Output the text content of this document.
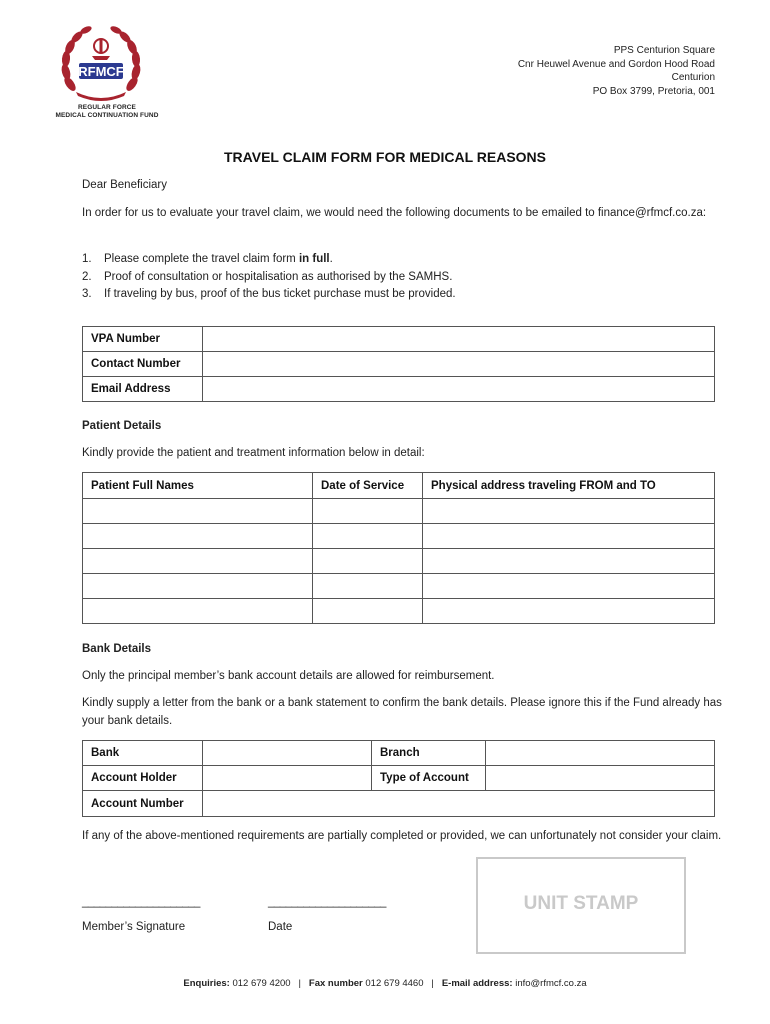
RFMCF
REGULAR FORCE
MEDICAL CONTINUATION FUND
PPS Centurion Square
Cnr Heuwel Avenue and Gordon Hood Road
Centurion
PO Box 3799, Pretoria, 001
TRAVEL CLAIM FORM FOR MEDICAL REASONS
Dear Beneficiary
In order for us to evaluate your travel claim, we would need the following documents to be emailed to finance@rfmcf.co.za:
1. Please complete the travel claim form in full.
2. Proof of consultation or hospitalisation as authorised by the SAMHS.
3. If traveling by bus, proof of the bus ticket purchase must be provided.
VPA Number	
Contact Number	
Email Address	
Patient Details
Kindly provide the patient and treatment information below in detail:
Patient Full Names	Date of Service	Physical address traveling FROM and TO

Bank Details
Only the principal member’s bank account details are allowed for reimbursement.
Kindly supply a letter from the bank or a bank statement to confirm the bank details. Please ignore this if the Fund already has your bank details.
Bank		Branch	
Account Holder		Type of Account	
Account Number			
If any of the above-mentioned requirements are partially completed or provided, we can unfortunately not consider your claim.
____________________	____________________
Member’s Signature	Date
UNIT STAMP
Enquiries: 012 679 4200   |   Fax number 012 679 4460   |   E-mail address: info@rfmcf.co.za
